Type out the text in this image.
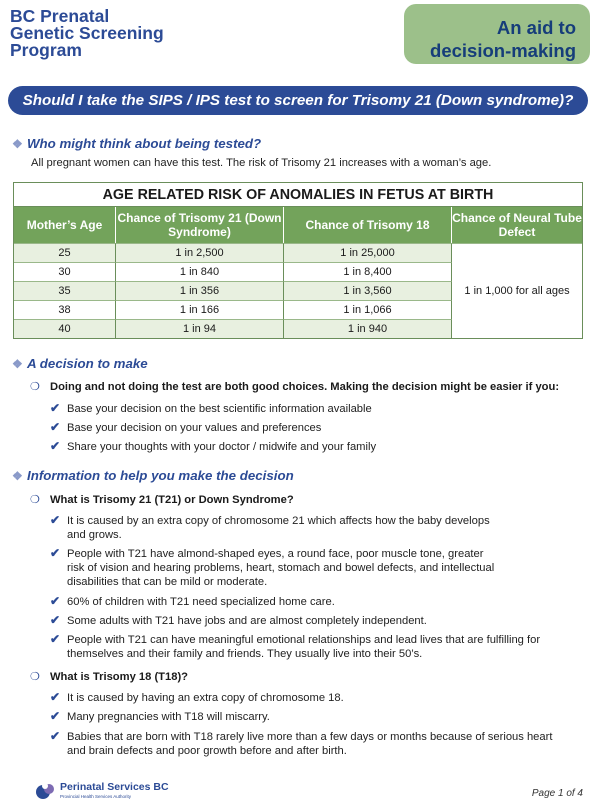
BC Prenatal
Genetic Screening
Program
An aid to
decision-making
Should I take the SIPS / IPS test to screen for Trisomy 21 (Down syndrome)?
❖ Who might think about being tested?
All pregnant women can have this test. The risk of Trisomy 21 increases with a woman’s age.
AGE RELATED RISK OF ANOMALIES IN FETUS AT BIRTH
Mother’s Age	Chance of Trisomy 21 (Down Syndrome)	Chance of Trisomy 18	Chance of Neural Tube Defect
25	1 in 2,500	1 in 25,000
30	1 in 840	1 in 8,400
35	1 in 356	1 in 3,560
38	1 in 166	1 in 1,066
40	1 in 94	1 in 940
1 in 1,000 for all ages
❖ A decision to make
❍ Doing and not doing the test are both good choices. Making the decision might be easier if you:
✔ Base your decision on the best scientific information available
✔ Base your decision on your values and preferences
✔ Share your thoughts with your doctor / midwife and your family
❖ Information to help you make the decision
❍ What is Trisomy 21 (T21) or Down Syndrome?
✔ It is caused by an extra copy of chromosome 21 which affects how the baby develops
and grows.
✔ People with T21 have almond-shaped eyes, a round face, poor muscle tone, greater
risk of vision and hearing problems, heart, stomach and bowel defects, and intellectual
disabilities that can be mild or moderate.
✔ 60% of children with T21 need specialized home care.
✔ Some adults with T21 have jobs and are almost completely independent.
✔ People with T21 can have meaningful emotional relationships and lead lives that are fulfilling for
themselves and their family and friends. They usually live into their 50’s.
❍ What is Trisomy 18 (T18)?
✔ It is caused by having an extra copy of chromosome 18.
✔ Many pregnancies with T18 will miscarry.
✔ Babies that are born with T18 rarely live more than a few days or months because of serious heart
and brain defects and poor growth before and after birth.
Perinatal Services BC
Provincial Health Services Authority	Page 1 of 4
